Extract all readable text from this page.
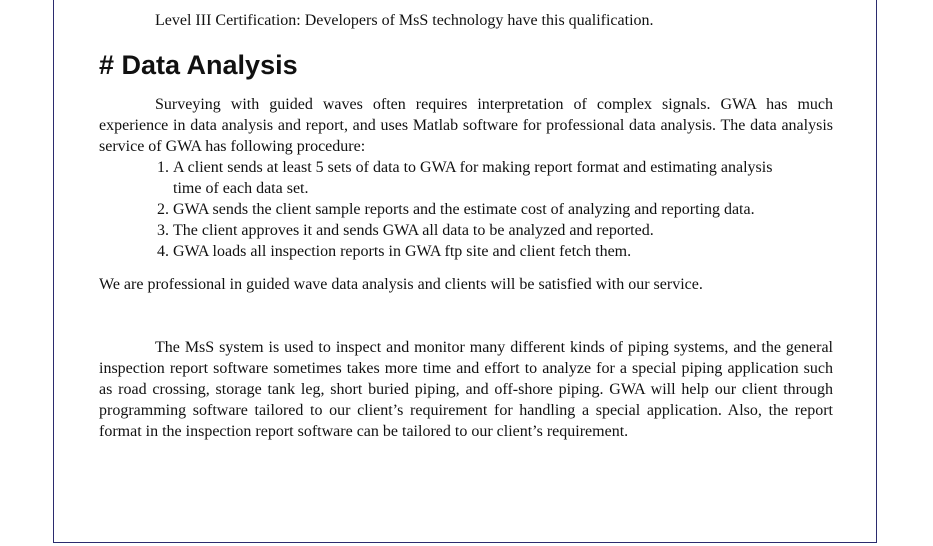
Level III Certification: Developers of MsS technology have this qualification.

# Data Analysis

Surveying with guided waves often requires interpretation of complex signals. GWA has much experience in data analysis and report, and uses Matlab software for professional data analysis. The data analysis service of GWA has following procedure:

1. A client sends at least 5 sets of data to GWA for making report format and estimating analysis time of each data set.
2. GWA sends the client sample reports and the estimate cost of analyzing and reporting data.
3. The client approves it and sends GWA all data to be analyzed and reported.
4. GWA loads all inspection reports in GWA ftp site and client fetch them.

We are professional in guided wave data analysis and clients will be satisfied with our service.

The MsS system is used to inspect and monitor many different kinds of piping systems, and the general inspection report software sometimes takes more time and effort to analyze for a special piping application such as road crossing, storage tank leg, short buried piping, and off-shore piping. GWA will help our client through programming software tailored to our client’s requirement for handling a special application. Also, the report format in the inspection report software can be tailored to our client’s requirement.
